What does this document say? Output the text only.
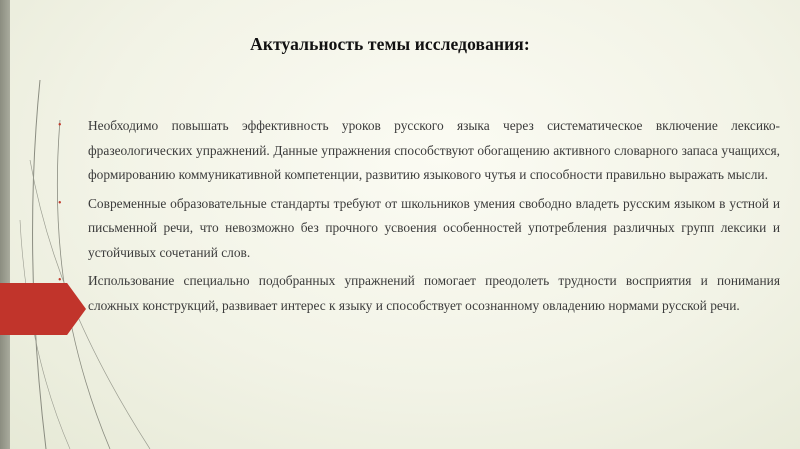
Актуальность темы исследования:
•	Необходимо повышать эффективность уроков русского языка через систематическое включение лексико-фразеологических упражнений. Данные упражнения способствуют обогащению активного словарного запаса учащихся, формированию коммуникативной компетенции, развитию языкового чутья и способности правильно выражать мысли.

•	Современные образовательные стандарты требуют от школьников умения свободно владеть русским языком в устной и письменной речи, что невозможно без прочного усвоения особенностей употребления различных групп лексики и устойчивых сочетаний слов.

•	Использование специально подобранных упражнений помогает преодолеть трудности восприятия и понимания сложных конструкций, развивает интерес к языку и способствует осознанному овладению нормами русской речи.
